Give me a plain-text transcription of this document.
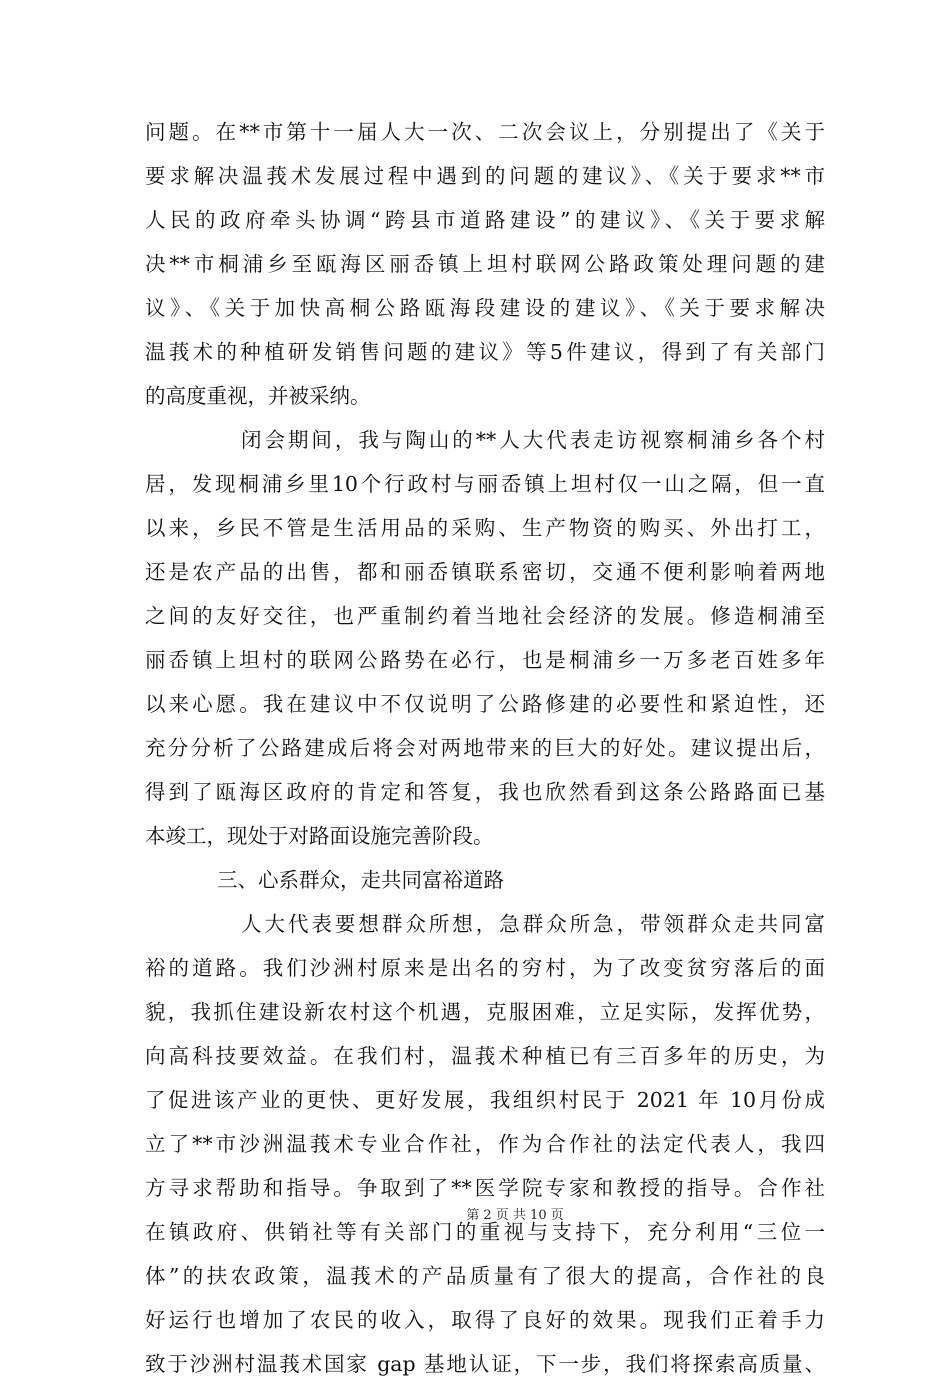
问题。在**市第十一届人大一次、二次会议上，分别提出了《关于
要求解决温莪术发展过程中遇到的问题的建议》、《关于要求**市
人民的政府牵头协调“跨县市道路建设”的建议》、《关于要求解
决**市桐浦乡至瓯海区丽岙镇上坦村联网公路政策处理问题的建
议》、《关于加快高桐公路瓯海段建设的建议》、《关于要求解决
温莪术的种植研发销售问题的建议》等5件建议，得到了有关部门
的高度重视，并被采纳。
闭会期间，我与陶山的**人大代表走访视察桐浦乡各个村
居，发现桐浦乡里10个行政村与丽岙镇上坦村仅一山之隔，但一直
以来，乡民不管是生活用品的采购、生产物资的购买、外出打工，
还是农产品的出售，都和丽岙镇联系密切，交通不便利影响着两地
之间的友好交往，也严重制约着当地社会经济的发展。修造桐浦至
丽岙镇上坦村的联网公路势在必行，也是桐浦乡一万多老百姓多年
以来心愿。我在建议中不仅说明了公路修建的必要性和紧迫性，还
充分分析了公路建成后将会对两地带来的巨大的好处。建议提出后，
得到了瓯海区政府的肯定和答复，我也欣然看到这条公路路面已基
本竣工，现处于对路面设施完善阶段。
三、心系群众，走共同富裕道路
人大代表要想群众所想，急群众所急，带领群众走共同富
裕的道路。我们沙洲村原来是出名的穷村，为了改变贫穷落后的面
貌，我抓住建设新农村这个机遇，克服困难，立足实际，发挥优势，
向高科技要效益。在我们村，温莪术种植已有三百多年的历史，为
了促进该产业的更快、更好发展，我组织村民于 2021 年 10月份成
立了**市沙洲温莪术专业合作社，作为合作社的法定代表人，我四
方寻求帮助和指导。争取到了**医学院专家和教授的指导。合作社
在镇政府、供销社等有关部门的重视与支持下，充分利用“三位一
体”的扶农政策，温莪术的产品质量有了很大的提高，合作社的良
好运行也增加了农民的收入，取得了良好的效果。现我们正着手力
致于沙洲村温莪术国家 gap 基地认证，下一步，我们将探索高质量、
第 2 页 共 10 页
